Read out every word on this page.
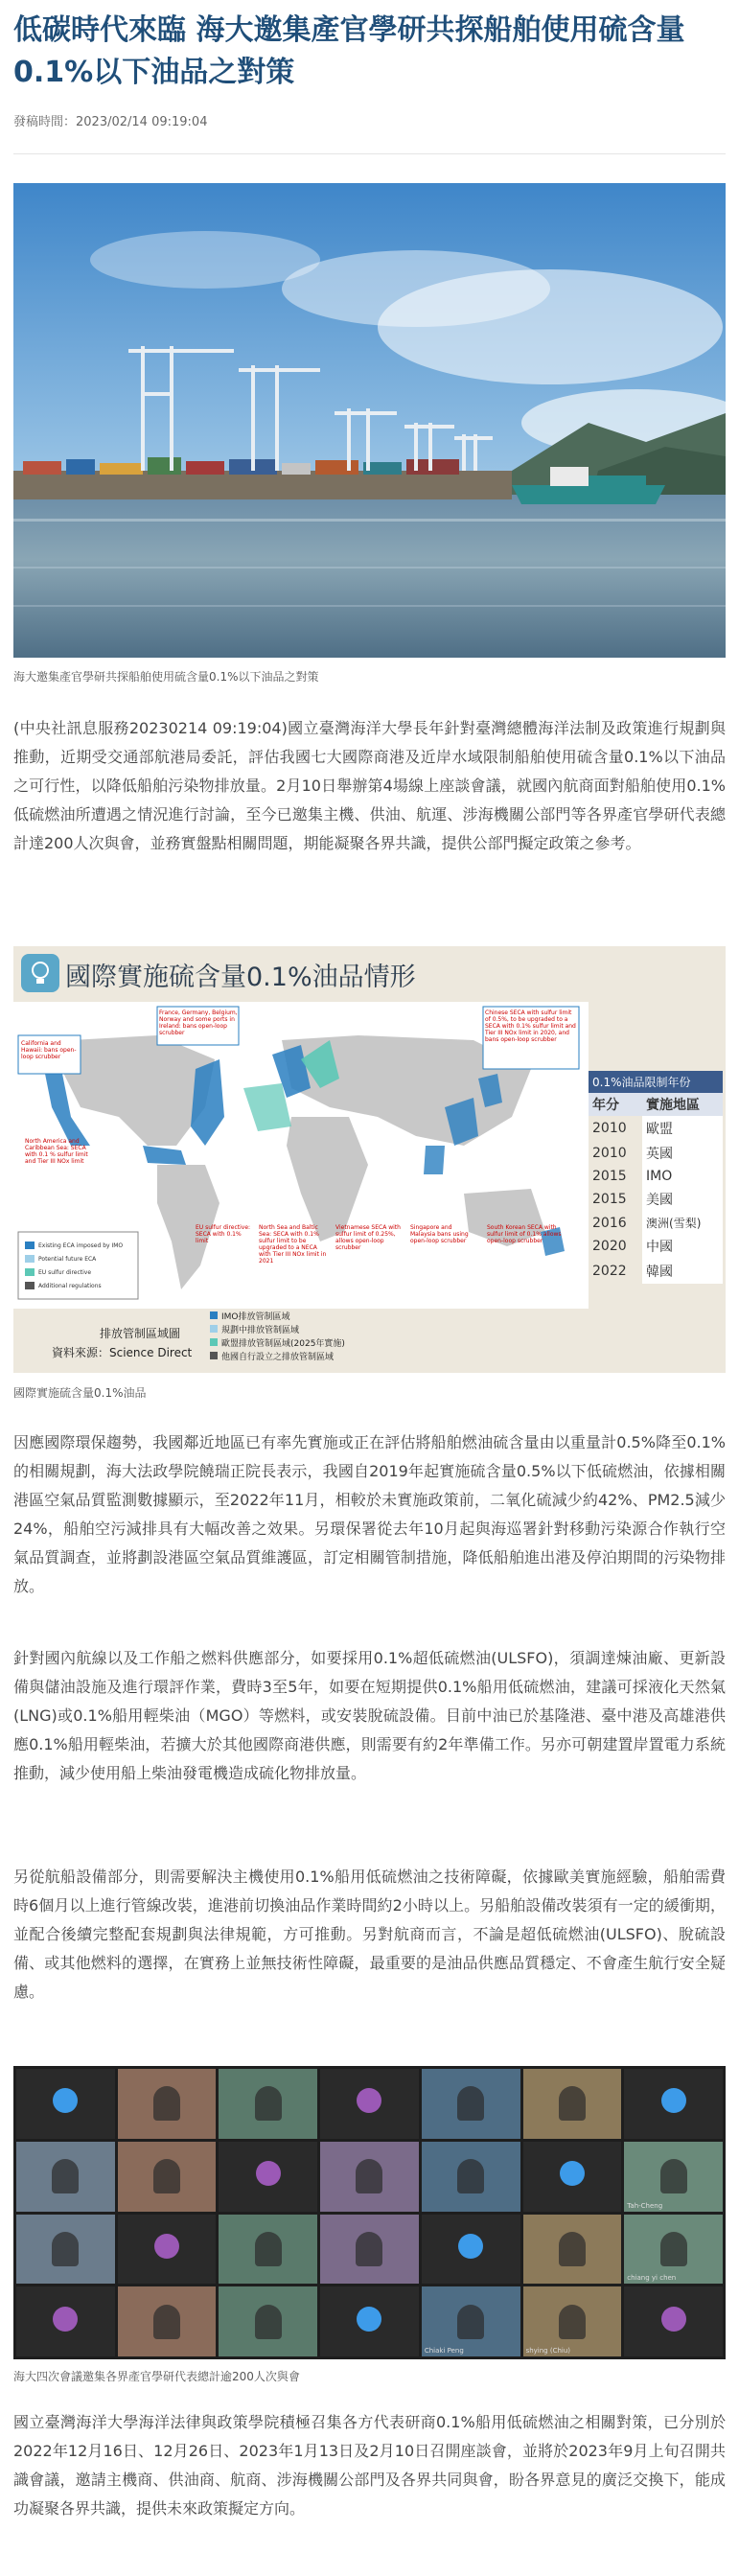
低碳時代來臨 海大邀集產官學研共探船舶使用硫含量0.1%以下油品之對策
發稿時間：2023/02/14 09:19:04
海大邀集產官學研共探船舶使用硫含量0.1%以下油品之對策

(中央社訊息服務20230214 09:19:04)國立臺灣海洋大學長年針對臺灣總體海洋法制及政策進行規劃與推動，近期受交通部航港局委託，評估我國七大國際商港及近岸水域限制船舶使用硫含量0.1%以下油品之可行性，以降低船舶污染物排放量。2月10日舉辦第4場線上座談會議，就國內航商面對船舶使用0.1%低硫燃油所遭遇之情況進行討論，至今已邀集主機、供油、航運、涉海機關公部門等各界產官學研代表總計達200人次與會，並務實盤點相關問題，期能凝聚各界共識，提供公部門擬定政策之參考。

國際實施硫含量0.1%油品情形
California and Hawaii: bans open-loop scrubber
North America and Caribbean Sea: SECA with 0.1 % sulfur limit and Tier III NOx limit
France, Germany, Belgium, Norway and some ports in Ireland: bans open-loop scrubber
Chinese SECA with sulfur limit of 0.5%, to be upgraded to a SECA with 0.1% sulfur limit and Tier III NOx limit in 2020, and bans open-loop scrubber
EU sulfur directive: SECA with 0.1% limit
North Sea and Baltic Sea: SECA with 0.1% sulfur limit to be upgraded to a NECA with Tier III NOx limit in 2021
Vietnamese SECA with sulfur limit of 0.25%, allows open-loop scrubber
Singapore and Malaysia bans using open-loop scrubber
South Korean SECA with sulfur limit of 0.1% allows open-loop scrubber
Existing ECA imposed by IMO
Potential future ECA
EU sulfur directive
Additional regulations
0.1%油品限制年份
年分	實施地區
2010	歐盟
2010	英國
2015	IMO
2015	美國
2016	澳洲(雪梨)
2020	中國
2022	韓國
排放管制區域圖
資料來源：Science Direct
IMO排放管制區域
規劃中排放管制區域
歐盟排放管制區域(2025年實施)
他國自行設立之排放管制區域
國際實施硫含量0.1%油品

因應國際環保趨勢，我國鄰近地區已有率先實施或正在評估將船舶燃油硫含量由以重量計0.5%降至0.1%的相關規劃，海大法政學院饒瑞正院長表示，我國自2019年起實施硫含量0.5%以下低硫燃油，依據相關港區空氣品質監測數據顯示，至2022年11月，相較於未實施政策前，二氧化硫減少約42%、PM2.5減少24%，船舶空污減排具有大幅改善之效果。另環保署從去年10月起與海巡署針對移動污染源合作執行空氣品質調查，並將劃設港區空氣品質維護區，訂定相關管制措施，降低船舶進出港及停泊期間的污染物排放。

針對國內航線以及工作船之燃料供應部分，如要採用0.1%超低硫燃油(ULSFO)，須調達煉油廠、更新設備與儲油設施及進行環評作業，費時3至5年，如要在短期提供0.1%船用低硫燃油，建議可採液化天然氣(LNG)或0.1%船用輕柴油（MGO）等燃料，或安裝脫硫設備。目前中油已於基隆港、臺中港及高雄港供應0.1%船用輕柴油，若擴大於其他國際商港供應，則需要有約2年準備工作。另亦可朝建置岸置電力系統推動，減少使用船上柴油發電機造成硫化物排放量。

另從航船設備部分，則需要解決主機使用0.1%船用低硫燃油之技術障礙，依據歐美實施經驗，船舶需費時6個月以上進行管線改裝，進港前切換油品作業時間約2小時以上。另船舶設備改裝須有一定的緩衝期，並配合後續完整配套規劃與法律規範，方可推動。另對航商而言，不論是超低硫燃油(ULSFO)、脫硫設備、或其他燃料的選擇，在實務上並無技術性障礙，最重要的是油品供應品質穩定、不會產生航行安全疑慮。

Tah-Cheng
chiang yi chen
Chiaki Peng	shying (Chiu)
海大四次會議邀集各界產官學研代表總計逾200人次與會

國立臺灣海洋大學海洋法律與政策學院積極召集各方代表研商0.1%船用低硫燃油之相關對策，已分別於2022年12月16日、12月26日、2023年1月13日及2月10日召開座談會，並將於2023年9月上旬召開共識會議，邀請主機商、供油商、航商、涉海機關公部門及各界共同與會，盼各界意見的廣泛交換下，能成功凝聚各界共識，提供未來政策擬定方向。
